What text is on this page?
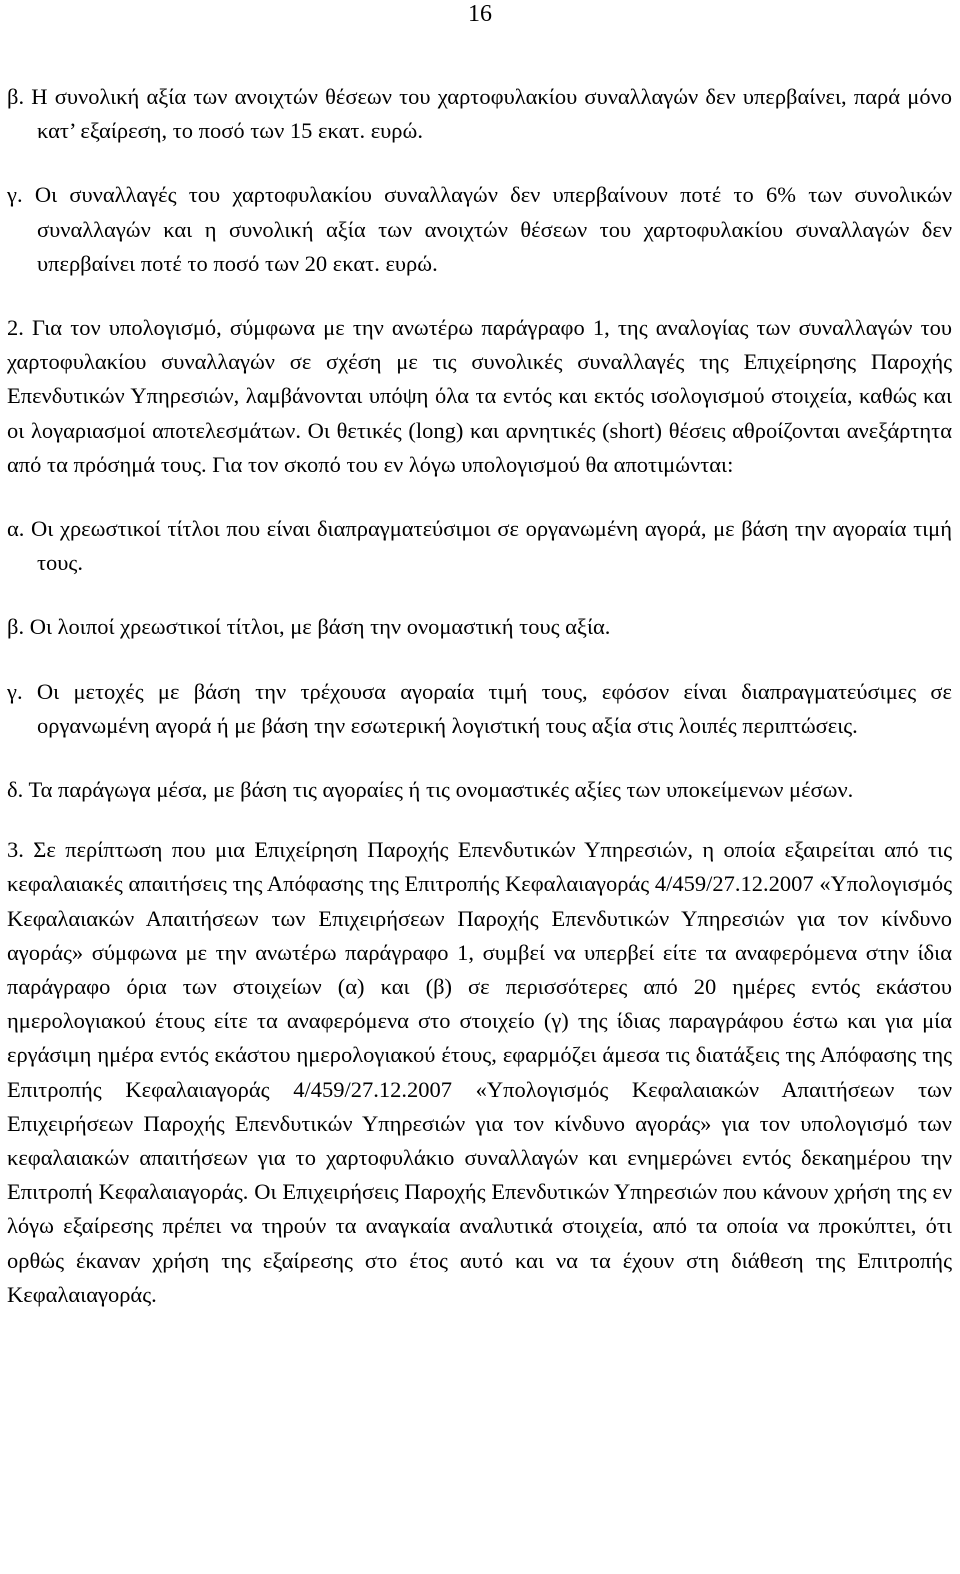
16

β. Η συνολική αξία των ανοιχτών θέσεων του χαρτοφυλακίου συναλλαγών δεν υπερβαίνει, παρά μόνο κατ’ εξαίρεση, το ποσό των 15 εκατ. ευρώ.

γ. Οι συναλλαγές του χαρτοφυλακίου συναλλαγών δεν υπερβαίνουν ποτέ το 6% των συνολικών συναλλαγών και η συνολική αξία των ανοιχτών θέσεων του χαρτοφυλακίου συναλλαγών δεν υπερβαίνει ποτέ το ποσό των 20 εκατ. ευρώ.

2. Για τον υπολογισμό, σύμφωνα με την ανωτέρω παράγραφο 1, της αναλογίας των συναλλαγών του χαρτοφυλακίου συναλλαγών σε σχέση με τις συνολικές συναλλαγές της Επιχείρησης Παροχής Επενδυτικών Υπηρεσιών, λαμβάνονται υπόψη όλα τα εντός και εκτός ισολογισμού στοιχεία, καθώς και οι λογαριασμοί αποτελεσμάτων. Οι θετικές (long) και αρνητικές (short) θέσεις αθροίζονται ανεξάρτητα από τα πρόσημά τους. Για τον σκοπό του εν λόγω υπολογισμού θα αποτιμώνται:

α. Οι χρεωστικοί τίτλοι που είναι διαπραγματεύσιμοι σε οργανωμένη αγορά, με βάση την αγοραία τιμή τους.

β. Οι λοιποί χρεωστικοί τίτλοι, με βάση την ονομαστική τους αξία.

γ. Οι μετοχές με βάση την τρέχουσα αγοραία τιμή τους, εφόσον είναι διαπραγματεύσιμες σε οργανωμένη αγορά ή με βάση την εσωτερική λογιστική τους αξία στις λοιπές περιπτώσεις.

δ. Τα παράγωγα μέσα, με βάση τις αγοραίες ή τις ονομαστικές αξίες των υποκείμενων μέσων.

3. Σε περίπτωση που μια Επιχείρηση Παροχής Επενδυτικών Υπηρεσιών, η οποία εξαιρείται από τις κεφαλαιακές απαιτήσεις της Απόφασης της Επιτροπής Κεφαλαιαγοράς 4/459/27.12.2007 «Υπολογισμός Κεφαλαιακών Απαιτήσεων των Επιχειρήσεων Παροχής Επενδυτικών Υπηρεσιών για τον κίνδυνο αγοράς» σύμφωνα με την ανωτέρω παράγραφο 1, συμβεί να υπερβεί είτε τα αναφερόμενα στην ίδια παράγραφο όρια των στοιχείων (α) και (β) σε περισσότερες από 20 ημέρες εντός εκάστου ημερολογιακού έτους είτε τα αναφερόμενα στο στοιχείο (γ) της ίδιας παραγράφου έστω και για μία εργάσιμη ημέρα εντός εκάστου ημερολογιακού έτους, εφαρμόζει άμεσα τις διατάξεις της Απόφασης της Επιτροπής Κεφαλαιαγοράς 4/459/27.12.2007 «Υπολογισμός Κεφαλαιακών Απαιτήσεων των Επιχειρήσεων Παροχής Επενδυτικών Υπηρεσιών για τον κίνδυνο αγοράς» για τον υπολογισμό των κεφαλαιακών απαιτήσεων για το χαρτοφυλάκιο συναλλαγών και ενημερώνει εντός δεκαημέρου την Επιτροπή Κεφαλαιαγοράς. Οι Επιχειρήσεις Παροχής Επενδυτικών Υπηρεσιών που κάνουν χρήση της εν λόγω εξαίρεσης πρέπει να τηρούν τα αναγκαία αναλυτικά στοιχεία, από τα οποία να προκύπτει, ότι ορθώς έκαναν χρήση της εξαίρεσης στο έτος αυτό και να τα έχουν στη διάθεση της Επιτροπής Κεφαλαιαγοράς.
